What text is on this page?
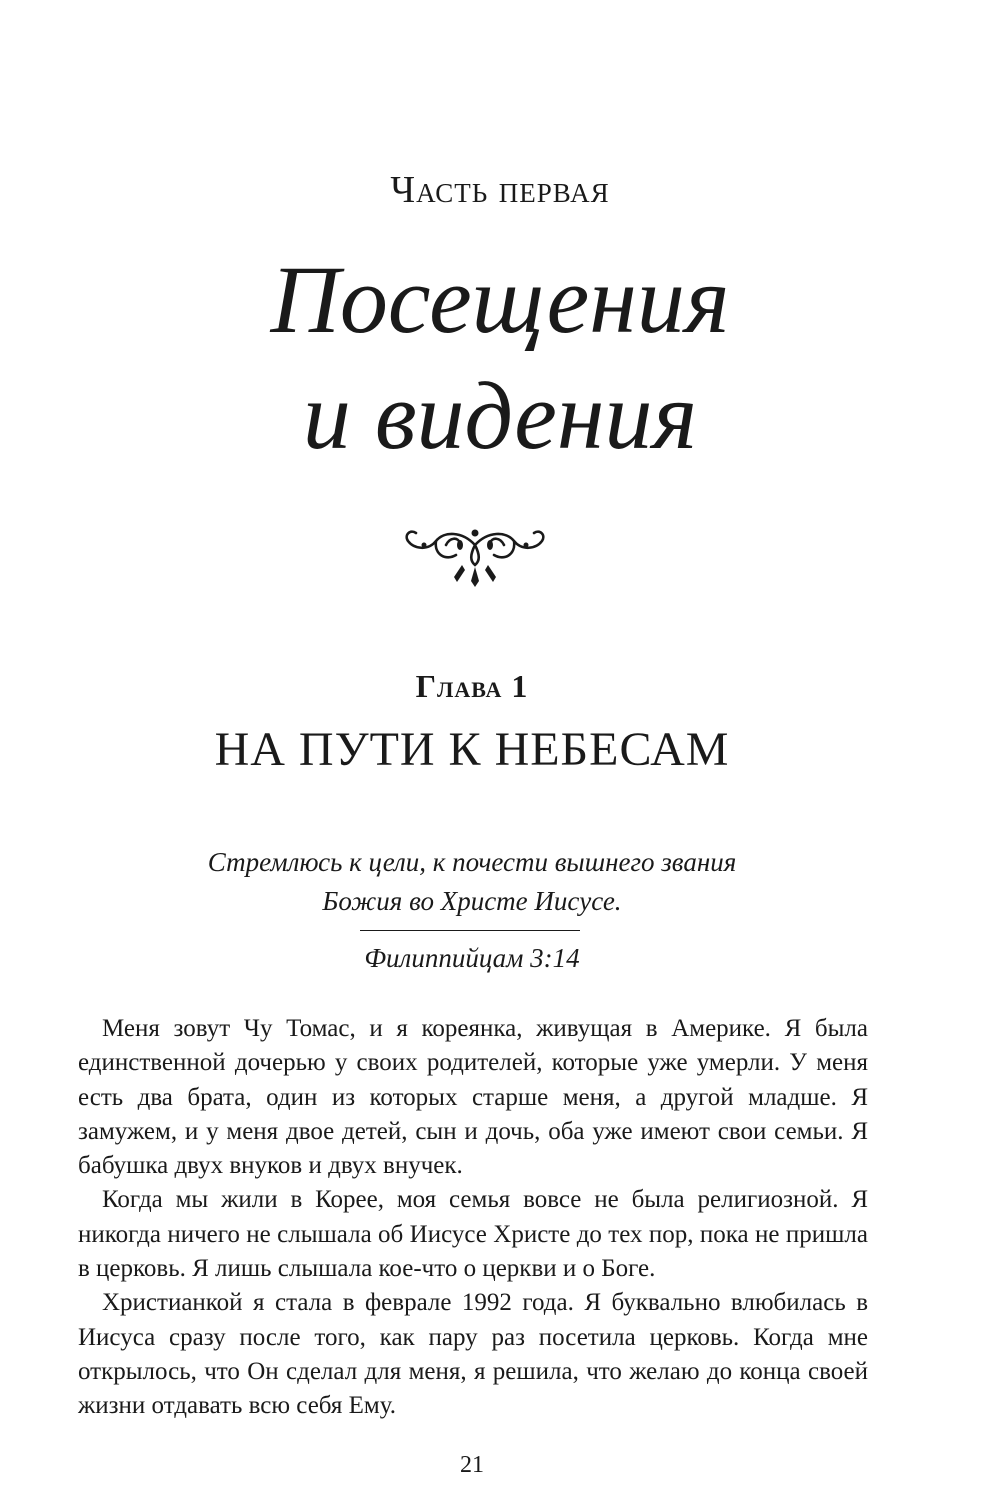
Часть первая
Посещения
и видения
Глава 1
НА ПУТИ К НЕБЕСАМ
Стремлюсь к цели, к почести вышнего звания
Божия во Христе Иисусе.
Филиппийцам 3:14

Меня зовут Чу Томас, и я кореянка, живущая в Америке. Я была единственной дочерью у своих родителей, которые уже умерли. У меня есть два брата, один из которых старше меня, а другой младше. Я замужем, и у меня двое детей, сын и дочь, оба уже имеют свои семьи. Я бабушка двух внуков и двух внучек.

Когда мы жили в Корее, моя семья вовсе не была религиозной. Я никогда ничего не слышала об Иисусе Христе до тех пор, пока не пришла в церковь. Я лишь слышала кое-что о церкви и о Боге.

Христианкой я стала в феврале 1992 года. Я буквально влюбилась в Иисуса сразу после того, как пару раз посетила церковь. Когда мне открылось, что Он сделал для меня, я решила, что желаю до конца своей жизни отдавать всю себя Ему.

21
